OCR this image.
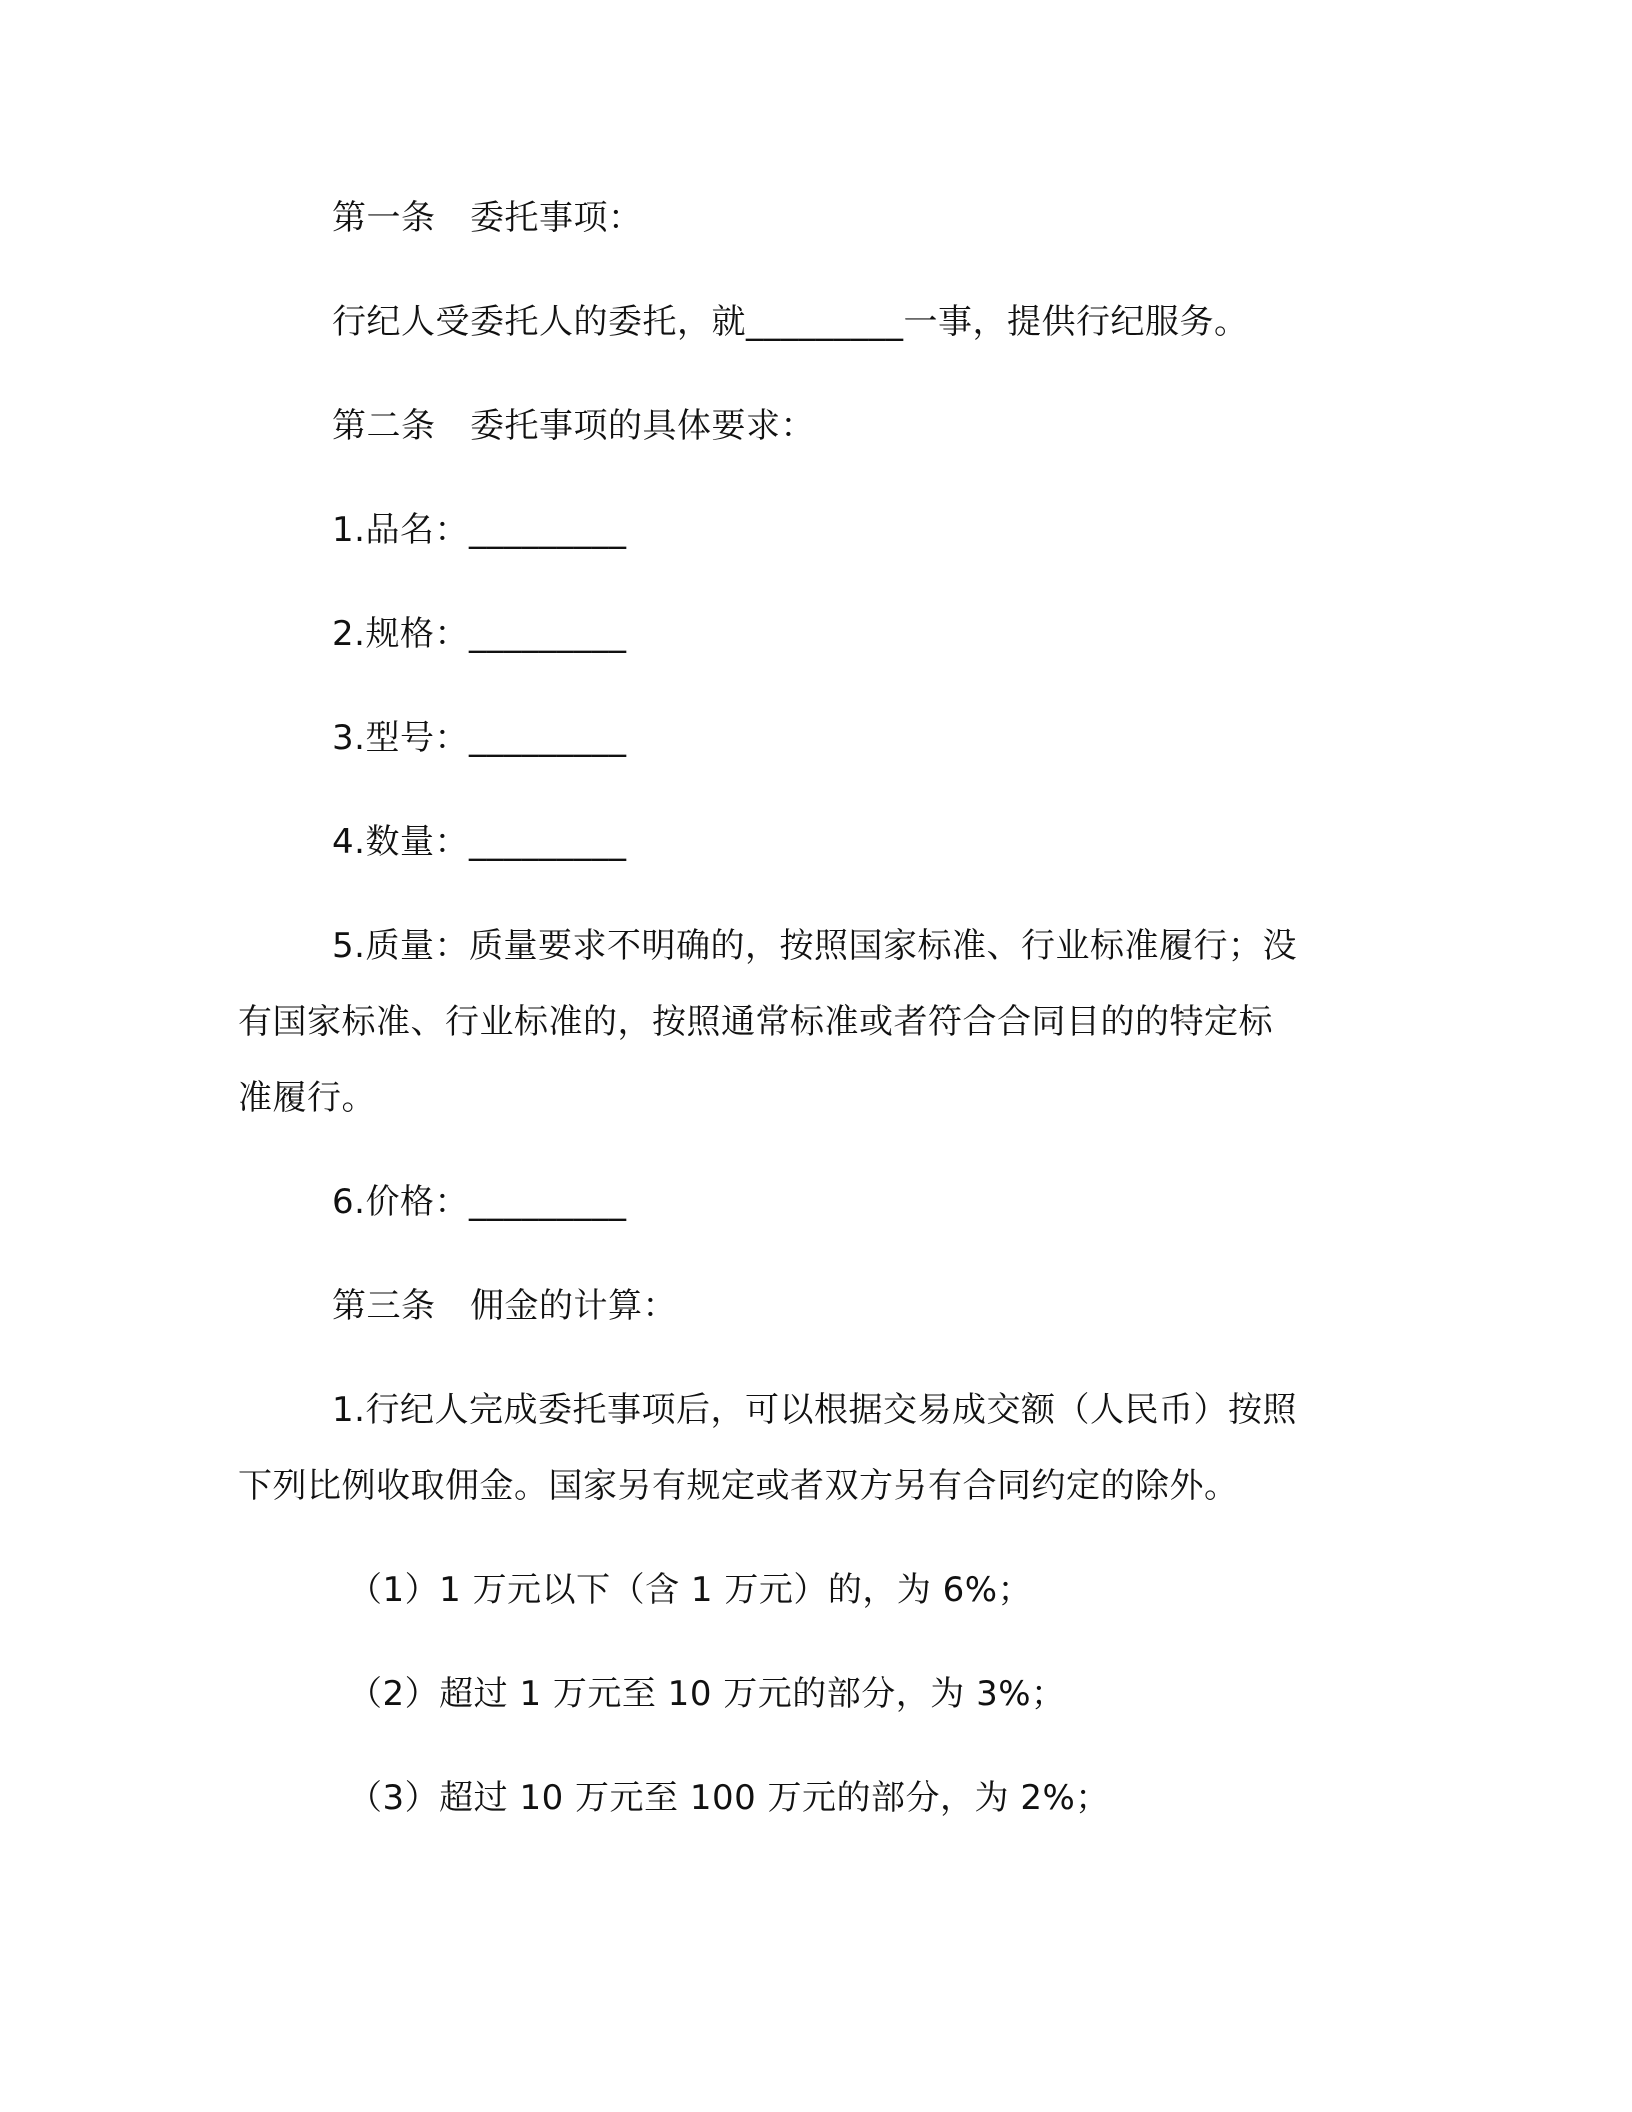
第一条　委托事项：
行纪人受委托人的委托，就_________一事，提供行纪服务。
第二条　委托事项的具体要求：
1.品名：_________
2.规格：_________
3.型号：_________
4.数量：_________
5.质量：质量要求不明确的，按照国家标准、行业标准履行；没
有国家标准、行业标准的，按照通常标准或者符合合同目的的特定标
准履行。
6.价格：_________
第三条　佣金的计算：
1.行纪人完成委托事项后，可以根据交易成交额（人民币）按照
下列比例收取佣金。国家另有规定或者双方另有合同约定的除外。
（1）1 万元以下（含 1 万元）的，为 6%；
（2）超过 1 万元至 10 万元的部分，为 3%；
（3）超过 10 万元至 100 万元的部分，为 2%；
